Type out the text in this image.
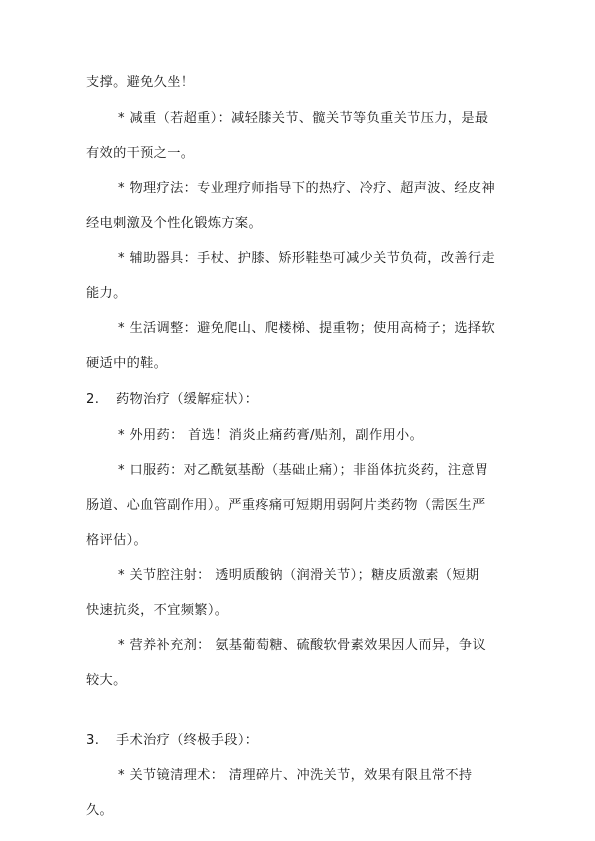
支撑。避免久坐！
* 减重（若超重）：减轻膝关节、髋关节等负重关节压力，是最
有效的干预之一。
* 物理疗法：专业理疗师指导下的热疗、冷疗、超声波、经皮神
经电刺激及个性化锻炼方案。
* 辅助器具：手杖、护膝、矫形鞋垫可减少关节负荷，改善行走
能力。
* 生活调整：避免爬山、爬楼梯、提重物；使用高椅子；选择软
硬适中的鞋。
2. 药物治疗（缓解症状）：
* 外用药： 首选！消炎止痛药膏/贴剂，副作用小。
* 口服药：对乙酰氨基酚（基础止痛）；非甾体抗炎药，注意胃
肠道、心血管副作用）。严重疼痛可短期用弱阿片类药物（需医生严
格评估）。
* 关节腔注射： 透明质酸钠（润滑关节）；糖皮质激素（短期
快速抗炎，不宜频繁）。
* 营养补充剂： 氨基葡萄糖、硫酸软骨素效果因人而异，争议
较大。
3. 手术治疗（终极手段）：
* 关节镜清理术： 清理碎片、冲洗关节，效果有限且常不持
久。
